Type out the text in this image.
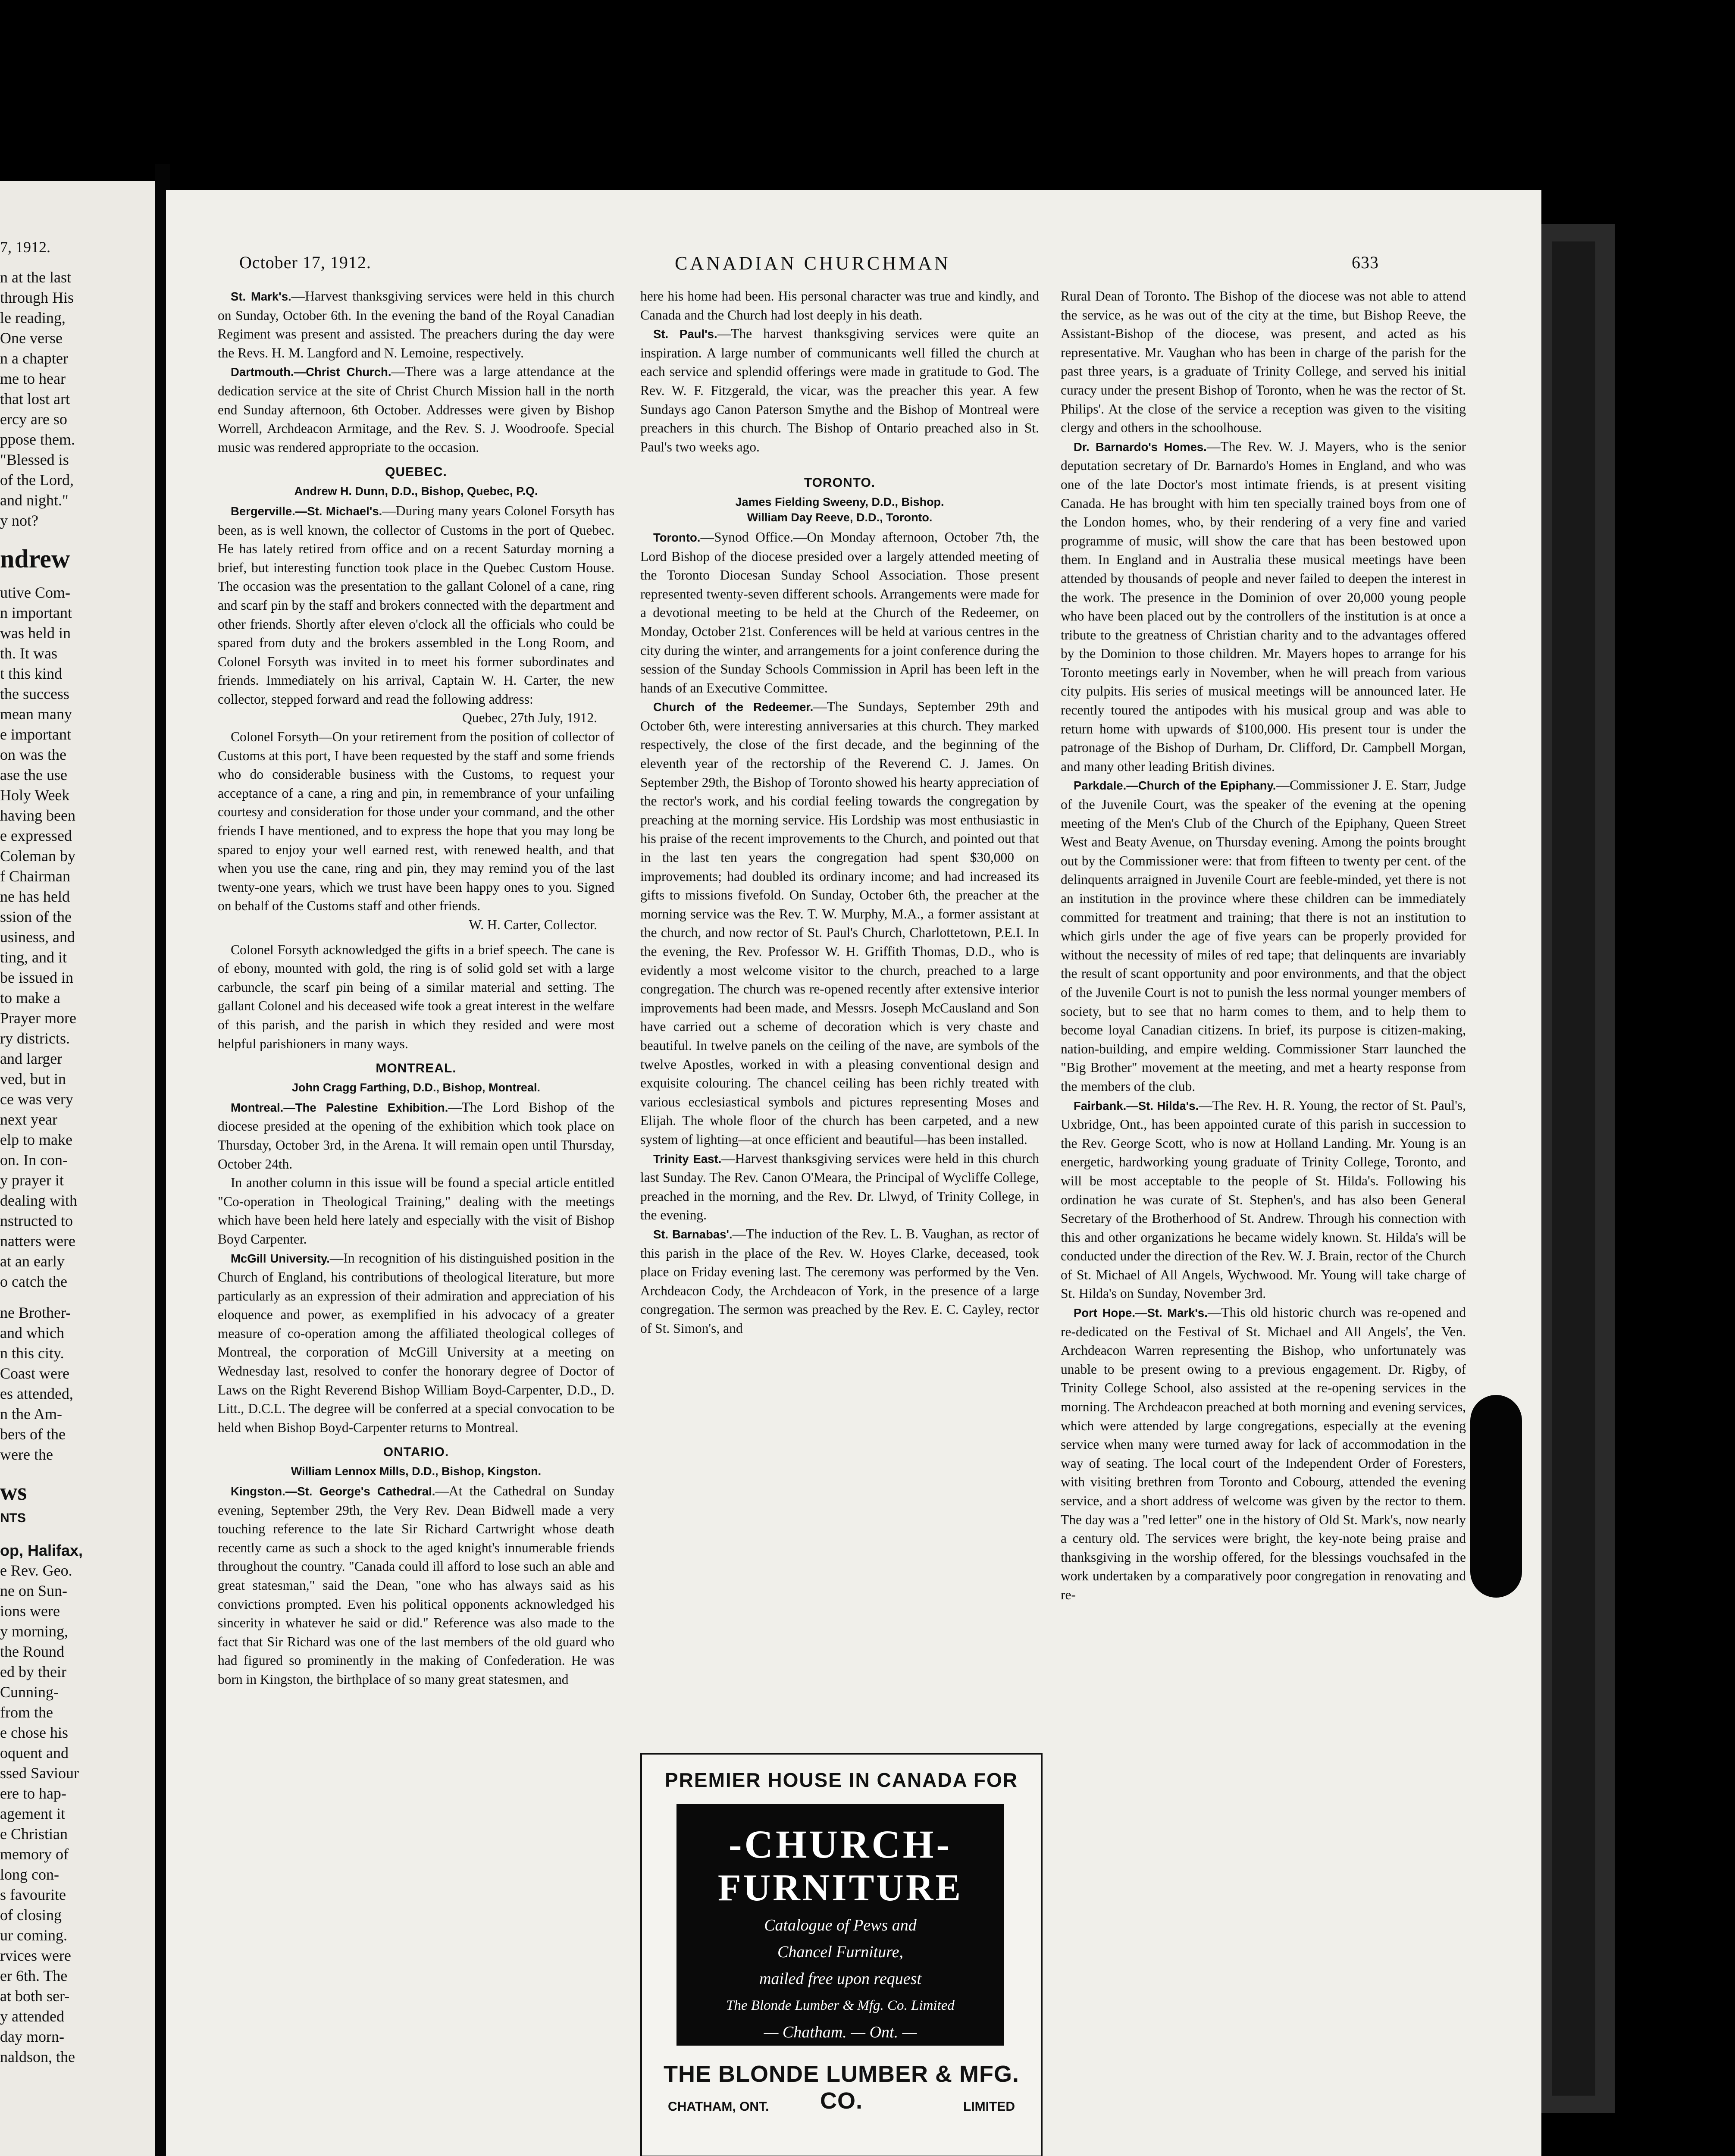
7, 1912.
n at the last
through His
le reading,
One verse
n a chapter
me to hear
that lost art
ercy are so
ppose them.
"Blessed is
of the Lord,
and night."
y not?
ndrew
utive Com-
n important
was held in
th. It was
t this kind
the success
mean many
e important
on was the
ase the use
Holy Week
having been
e expressed
Coleman by
f Chairman
ne has held
ssion of the
usiness, and
ting, and it
be issued in
to make a
Prayer more
ry districts.
and larger
ved, but in
ce was very
next year
elp to make
on. In con-
y prayer it
dealing with
nstructed to
natters were
at an early
o catch the
ne Brother-
and which
n this city.
Coast were
es attended,
n the Am-
bers of the
were the
ws
NTS
op, Halifax,
e Rev. Geo.
ne on Sun-
ions were
y morning,
the Round
ed by their
Cunning-
from the
e chose his
oquent and
ssed Saviour
ere to hap-
agement it
e Christian
memory of
long con-
s favourite
of closing
ur coming.
rvices were
er 6th. The
at both ser-
y attended
day morn-
naldson, the
October 17, 1912.	CANADIAN CHURCHMAN	633

St. Mark's.—Harvest thanksgiving services were held in this church on Sunday, October 6th. In the evening the band of the Royal Canadian Regiment was present and assisted. The preachers during the day were the Revs. H. M. Langford and N. Lemoine, respectively.

Dartmouth.—Christ Church.—There was a large attendance at the dedication service at the site of Christ Church Mission hall in the north end Sunday afternoon, 6th October. Addresses were given by Bishop Worrell, Archdeacon Armitage, and the Rev. S. J. Woodroofe. Special music was rendered appropriate to the occasion.

QUEBEC.
Andrew H. Dunn, D.D., Bishop, Quebec, P.Q.

Bergerville.—St. Michael's.—During many years Colonel Forsyth has been, as is well known, the collector of Customs in the port of Quebec. He has lately retired from office and on a recent Saturday morning a brief, but interesting function took place in the Quebec Custom House. The occasion was the presentation to the gallant Colonel of a cane, ring and scarf pin by the staff and brokers connected with the department and other friends. Shortly after eleven o'clock all the officials who could be spared from duty and the brokers assembled in the Long Room, and Colonel Forsyth was invited in to meet his former subordinates and friends. Immediately on his arrival, Captain W. H. Carter, the new collector, stepped forward and read the following address:

Quebec, 27th July, 1912.

Colonel Forsyth—On your retirement from the position of collector of Customs at this port, I have been requested by the staff and some friends who do considerable business with the Customs, to request your acceptance of a cane, a ring and pin, in remembrance of your unfailing courtesy and consideration for those under your command, and the other friends I have mentioned, and to express the hope that you may long be spared to enjoy your well earned rest, with renewed health, and that when you use the cane, ring and pin, they may remind you of the last twenty-one years, which we trust have been happy ones to you. Signed on behalf of the Customs staff and other friends.

W. H. Carter, Collector.

Colonel Forsyth acknowledged the gifts in a brief speech. The cane is of ebony, mounted with gold, the ring is of solid gold set with a large carbuncle, the scarf pin being of a similar material and setting. The gallant Colonel and his deceased wife took a great interest in the welfare of this parish, and the parish in which they resided and were most helpful parishioners in many ways.

MONTREAL.
John Cragg Farthing, D.D., Bishop, Montreal.

Montreal.—The Palestine Exhibition.—The Lord Bishop of the diocese presided at the opening of the exhibition which took place on Thursday, October 3rd, in the Arena. It will remain open until Thursday, October 24th.

In another column in this issue will be found a special article entitled "Co-operation in Theological Training," dealing with the meetings which have been held here lately and especially with the visit of Bishop Boyd Carpenter.

McGill University.—In recognition of his distinguished position in the Church of England, his contributions of theological literature, but more particularly as an expression of their admiration and appreciation of his eloquence and power, as exemplified in his advocacy of a greater measure of co-operation among the affiliated theological colleges of Montreal, the corporation of McGill University at a meeting on Wednesday last, resolved to confer the honorary degree of Doctor of Laws on the Right Reverend Bishop William Boyd-Carpenter, D.D., D. Litt., D.C.L. The degree will be conferred at a special convocation to be held when Bishop Boyd-Carpenter returns to Montreal.

ONTARIO.
William Lennox Mills, D.D., Bishop, Kingston.

Kingston.—St. George's Cathedral.—At the Cathedral on Sunday evening, September 29th, the Very Rev. Dean Bidwell made a very touching reference to the late Sir Richard Cartwright whose death recently came as such a shock to the aged knight's innumerable friends throughout the country. "Canada could ill afford to lose such an able and great statesman," said the Dean, "one who has always said as his convictions prompted. Even his political opponents acknowledged his sincerity in whatever he said or did." Reference was also made to the fact that Sir Richard was one of the last members of the old guard who had figured so prominently in the making of Confederation. He was born in Kingston, the birthplace of so many great statesmen, and

here his home had been. His personal character was true and kindly, and Canada and the Church had lost deeply in his death.

St. Paul's.—The harvest thanksgiving services were quite an inspiration. A large number of communicants well filled the church at each service and splendid offerings were made in gratitude to God. The Rev. W. F. Fitzgerald, the vicar, was the preacher this year. A few Sundays ago Canon Paterson Smythe and the Bishop of Montreal were preachers in this church. The Bishop of Ontario preached also in St. Paul's two weeks ago.

TORONTO.
James Fielding Sweeny, D.D., Bishop.
William Day Reeve, D.D., Toronto.

Toronto.—Synod Office.—On Monday afternoon, October 7th, the Lord Bishop of the diocese presided over a largely attended meeting of the Toronto Diocesan Sunday School Association. Those present represented twenty-seven different schools. Arrangements were made for a devotional meeting to be held at the Church of the Redeemer, on Monday, October 21st. Conferences will be held at various centres in the city during the winter, and arrangements for a joint conference during the session of the Sunday Schools Commission in April has been left in the hands of an Executive Committee.

Church of the Redeemer.—The Sundays, September 29th and October 6th, were interesting anniversaries at this church. They marked respectively, the close of the first decade, and the beginning of the eleventh year of the rectorship of the Reverend C. J. James. On September 29th, the Bishop of Toronto showed his hearty appreciation of the rector's work, and his cordial feeling towards the congregation by preaching at the morning service. His Lordship was most enthusiastic in his praise of the recent improvements to the Church, and pointed out that in the last ten years the congregation had spent $30,000 on improvements; had doubled its ordinary income; and had increased its gifts to missions fivefold. On Sunday, October 6th, the preacher at the morning service was the Rev. T. W. Murphy, M.A., a former assistant at the church, and now rector of St. Paul's Church, Charlottetown, P.E.I. In the evening, the Rev. Professor W. H. Griffith Thomas, D.D., who is evidently a most welcome visitor to the church, preached to a large congregation. The church was re-opened recently after extensive interior improvements had been made, and Messrs. Joseph McCausland and Son have carried out a scheme of decoration which is very chaste and beautiful. In twelve panels on the ceiling of the nave, are symbols of the twelve Apostles, worked in with a pleasing conventional design and exquisite colouring. The chancel ceiling has been richly treated with various ecclesiastical symbols and pictures representing Moses and Elijah. The whole floor of the church has been carpeted, and a new system of lighting—at once efficient and beautiful—has been installed.

Trinity East.—Harvest thanksgiving services were held in this church last Sunday. The Rev. Canon O'Meara, the Principal of Wycliffe College, preached in the morning, and the Rev. Dr. Llwyd, of Trinity College, in the evening.

St. Barnabas'.—The induction of the Rev. L. B. Vaughan, as rector of this parish in the place of the Rev. W. Hoyes Clarke, deceased, took place on Friday evening last. The ceremony was performed by the Ven. Archdeacon Cody, the Archdeacon of York, in the presence of a large congregation. The sermon was preached by the Rev. E. C. Cayley, rector of St. Simon's, and

PREMIER HOUSE IN CANADA FOR
-CHURCH-
FURNITURE
Catalogue of Pews and
Chancel Furniture,
mailed free upon request
The Blonde Lumber & Mfg. Co. Limited
— Chatham. — Ont. —
THE BLONDE LUMBER & MFG. CO.
CHATHAM, ONT.	LIMITED

Rural Dean of Toronto. The Bishop of the diocese was not able to attend the service, as he was out of the city at the time, but Bishop Reeve, the Assistant-Bishop of the diocese, was present, and acted as his representative. Mr. Vaughan who has been in charge of the parish for the past three years, is a graduate of Trinity College, and served his initial curacy under the present Bishop of Toronto, when he was the rector of St. Philips'. At the close of the service a reception was given to the visiting clergy and others in the schoolhouse.

Dr. Barnardo's Homes.—The Rev. W. J. Mayers, who is the senior deputation secretary of Dr. Barnardo's Homes in England, and who was one of the late Doctor's most intimate friends, is at present visiting Canada. He has brought with him ten specially trained boys from one of the London homes, who, by their rendering of a very fine and varied programme of music, will show the care that has been bestowed upon them. In England and in Australia these musical meetings have been attended by thousands of people and never failed to deepen the interest in the work. The presence in the Dominion of over 20,000 young people who have been placed out by the controllers of the institution is at once a tribute to the greatness of Christian charity and to the advantages offered by the Dominion to those children. Mr. Mayers hopes to arrange for his Toronto meetings early in November, when he will preach from various city pulpits. His series of musical meetings will be announced later. He recently toured the antipodes with his musical group and was able to return home with upwards of $100,000. His present tour is under the patronage of the Bishop of Durham, Dr. Clifford, Dr. Campbell Morgan, and many other leading British divines.

Parkdale.—Church of the Epiphany.—Commissioner J. E. Starr, Judge of the Juvenile Court, was the speaker of the evening at the opening meeting of the Men's Club of the Church of the Epiphany, Queen Street West and Beaty Avenue, on Thursday evening. Among the points brought out by the Commissioner were: that from fifteen to twenty per cent. of the delinquents arraigned in Juvenile Court are feeble-minded, yet there is not an institution in the province where these children can be immediately committed for treatment and training; that there is not an institution to which girls under the age of five years can be properly provided for without the necessity of miles of red tape; that delinquents are invariably the result of scant opportunity and poor environments, and that the object of the Juvenile Court is not to punish the less normal younger members of society, but to see that no harm comes to them, and to help them to become loyal Canadian citizens. In brief, its purpose is citizen-making, nation-building, and empire welding. Commissioner Starr launched the "Big Brother" movement at the meeting, and met a hearty response from the members of the club.

Fairbank.—St. Hilda's.—The Rev. H. R. Young, the rector of St. Paul's, Uxbridge, Ont., has been appointed curate of this parish in succession to the Rev. George Scott, who is now at Holland Landing. Mr. Young is an energetic, hardworking young graduate of Trinity College, Toronto, and will be most acceptable to the people of St. Hilda's. Following his ordination he was curate of St. Stephen's, and has also been General Secretary of the Brotherhood of St. Andrew. Through his connection with this and other organizations he became widely known. St. Hilda's will be conducted under the direction of the Rev. W. J. Brain, rector of the Church of St. Michael of All Angels, Wychwood. Mr. Young will take charge of St. Hilda's on Sunday, November 3rd.

Port Hope.—St. Mark's.—This old historic church was re-opened and re-dedicated on the Festival of St. Michael and All Angels', the Ven. Archdeacon Warren representing the Bishop, who unfortunately was unable to be present owing to a previous engagement. Dr. Rigby, of Trinity College School, also assisted at the re-opening services in the morning. The Archdeacon preached at both morning and evening services, which were attended by large congregations, especially at the evening service when many were turned away for lack of accommodation in the way of seating. The local court of the Independent Order of Foresters, with visiting brethren from Toronto and Cobourg, attended the evening service, and a short address of welcome was given by the rector to them. The day was a "red letter" one in the history of Old St. Mark's, now nearly a century old. The services were bright, the key-note being praise and thanksgiving in the worship offered, for the blessings vouchsafed in the work undertaken by a comparatively poor congregation in renovating and re-
